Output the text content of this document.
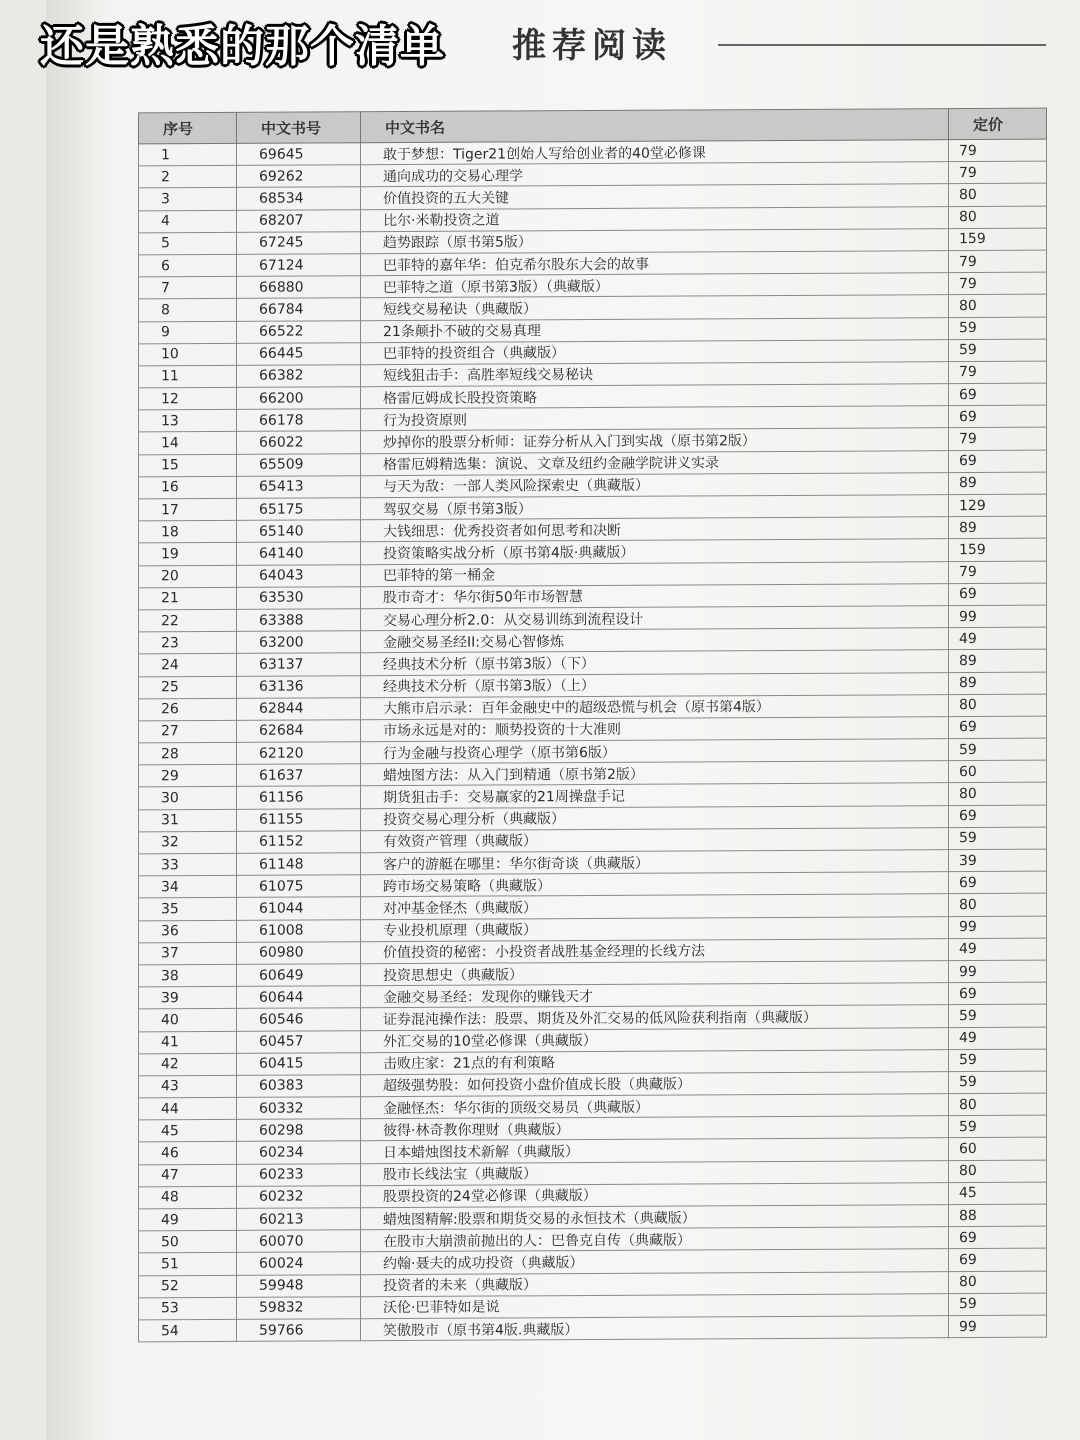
还是熟悉的那个清单 推荐阅读
序号	中文书号	中文书名	定价
1	69645	敢于梦想：Tiger21创始人写给创业者的40堂必修课	79
2	69262	通向成功的交易心理学	79
3	68534	价值投资的五大关键	80
4	68207	比尔·米勒投资之道	80
5	67245	趋势跟踪（原书第5版）	159
6	67124	巴菲特的嘉年华：伯克希尔股东大会的故事	79
7	66880	巴菲特之道（原书第3版）（典藏版）	79
8	66784	短线交易秘诀（典藏版）	80
9	66522	21条颠扑不破的交易真理	59
10	66445	巴菲特的投资组合（典藏版）	59
11	66382	短线狙击手：高胜率短线交易秘诀	79
12	66200	格雷厄姆成长股投资策略	69
13	66178	行为投资原则	69
14	66022	炒掉你的股票分析师：证券分析从入门到实战（原书第2版）	79
15	65509	格雷厄姆精选集：演说、文章及纽约金融学院讲义实录	69
16	65413	与天为敌：一部人类风险探索史（典藏版）	89
17	65175	驾驭交易（原书第3版）	129
18	65140	大钱细思：优秀投资者如何思考和决断	89
19	64140	投资策略实战分析（原书第4版·典藏版）	159
20	64043	巴菲特的第一桶金	79
21	63530	股市奇才：华尔街50年市场智慧	69
22	63388	交易心理分析2.0：从交易训练到流程设计	99
23	63200	金融交易圣经II:交易心智修炼	49
24	63137	经典技术分析（原书第3版）（下）	89
25	63136	经典技术分析（原书第3版）（上）	89
26	62844	大熊市启示录：百年金融史中的超级恐慌与机会（原书第4版）	80
27	62684	市场永远是对的：顺势投资的十大准则	69
28	62120	行为金融与投资心理学（原书第6版）	59
29	61637	蜡烛图方法：从入门到精通（原书第2版）	60
30	61156	期货狙击手：交易赢家的21周操盘手记	80
31	61155	投资交易心理分析（典藏版）	69
32	61152	有效资产管理（典藏版）	59
33	61148	客户的游艇在哪里：华尔街奇谈（典藏版）	39
34	61075	跨市场交易策略（典藏版）	69
35	61044	对冲基金怪杰（典藏版）	80
36	61008	专业投机原理（典藏版）	99
37	60980	价值投资的秘密：小投资者战胜基金经理的长线方法	49
38	60649	投资思想史（典藏版）	99
39	60644	金融交易圣经：发现你的赚钱天才	69
40	60546	证券混沌操作法：股票、期货及外汇交易的低风险获利指南（典藏版）	59
41	60457	外汇交易的10堂必修课（典藏版）	49
42	60415	击败庄家：21点的有利策略	59
43	60383	超级强势股：如何投资小盘价值成长股（典藏版）	59
44	60332	金融怪杰：华尔街的顶级交易员（典藏版）	80
45	60298	彼得·林奇教你理财（典藏版）	59
46	60234	日本蜡烛图技术新解（典藏版）	60
47	60233	股市长线法宝（典藏版）	80
48	60232	股票投资的24堂必修课（典藏版）	45
49	60213	蜡烛图精解:股票和期货交易的永恒技术（典藏版）	88
50	60070	在股市大崩溃前抛出的人：巴鲁克自传（典藏版）	69
51	60024	约翰·聂夫的成功投资（典藏版）	69
52	59948	投资者的未来（典藏版）	80
53	59832	沃伦·巴菲特如是说	59
54	59766	笑傲股市（原书第4版.典藏版）	99
